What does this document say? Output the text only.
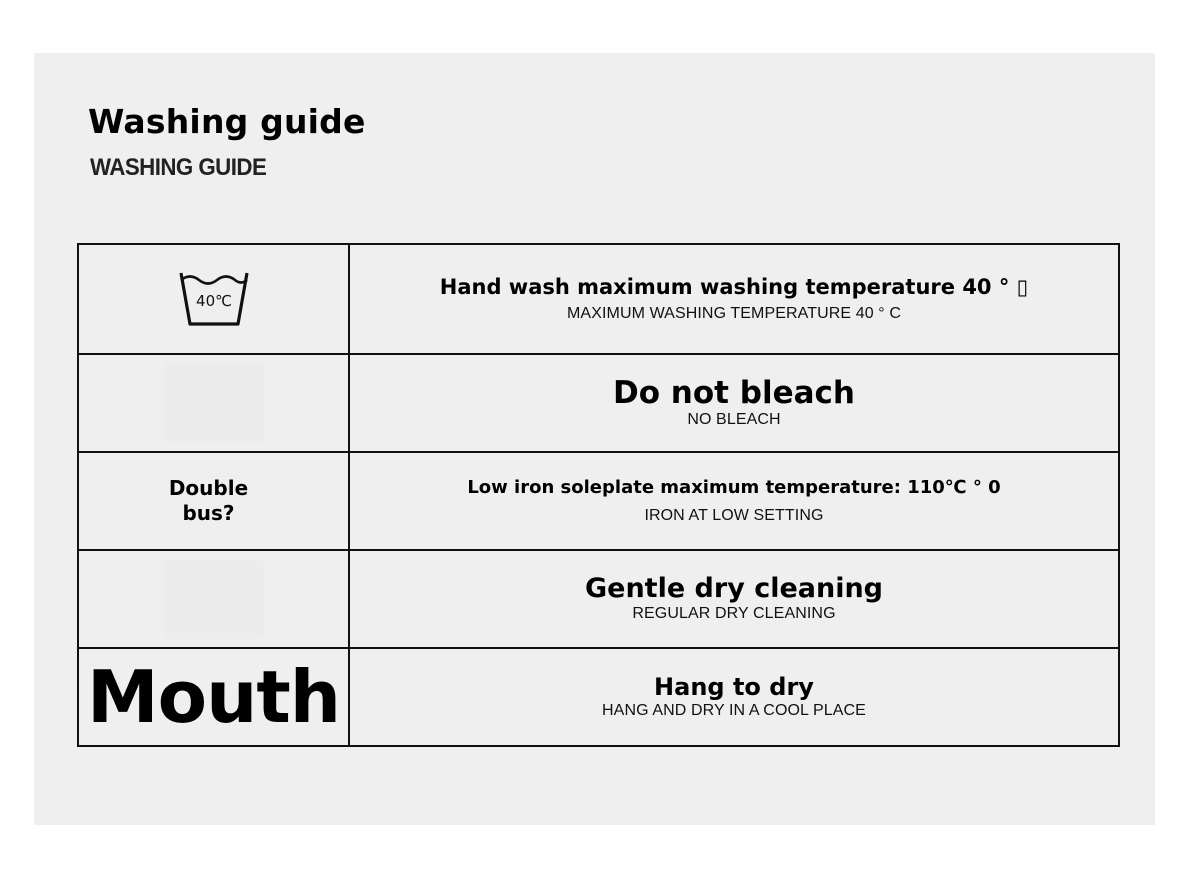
Washing guide
WASHING GUIDE
40℃	Hand wash maximum washing temperature 40 ° ▯
MAXIMUM WASHING TEMPERATURE 40 ° C

	Do not bleach
NO BLEACH

Double
bus?	Low iron soleplate maximum temperature: 110℃ ° 0
IRON AT LOW SETTING

	Gentle dry cleaning
REGULAR DRY CLEANING

Mouth	Hang to dry
HANG AND DRY IN A COOL PLACE
